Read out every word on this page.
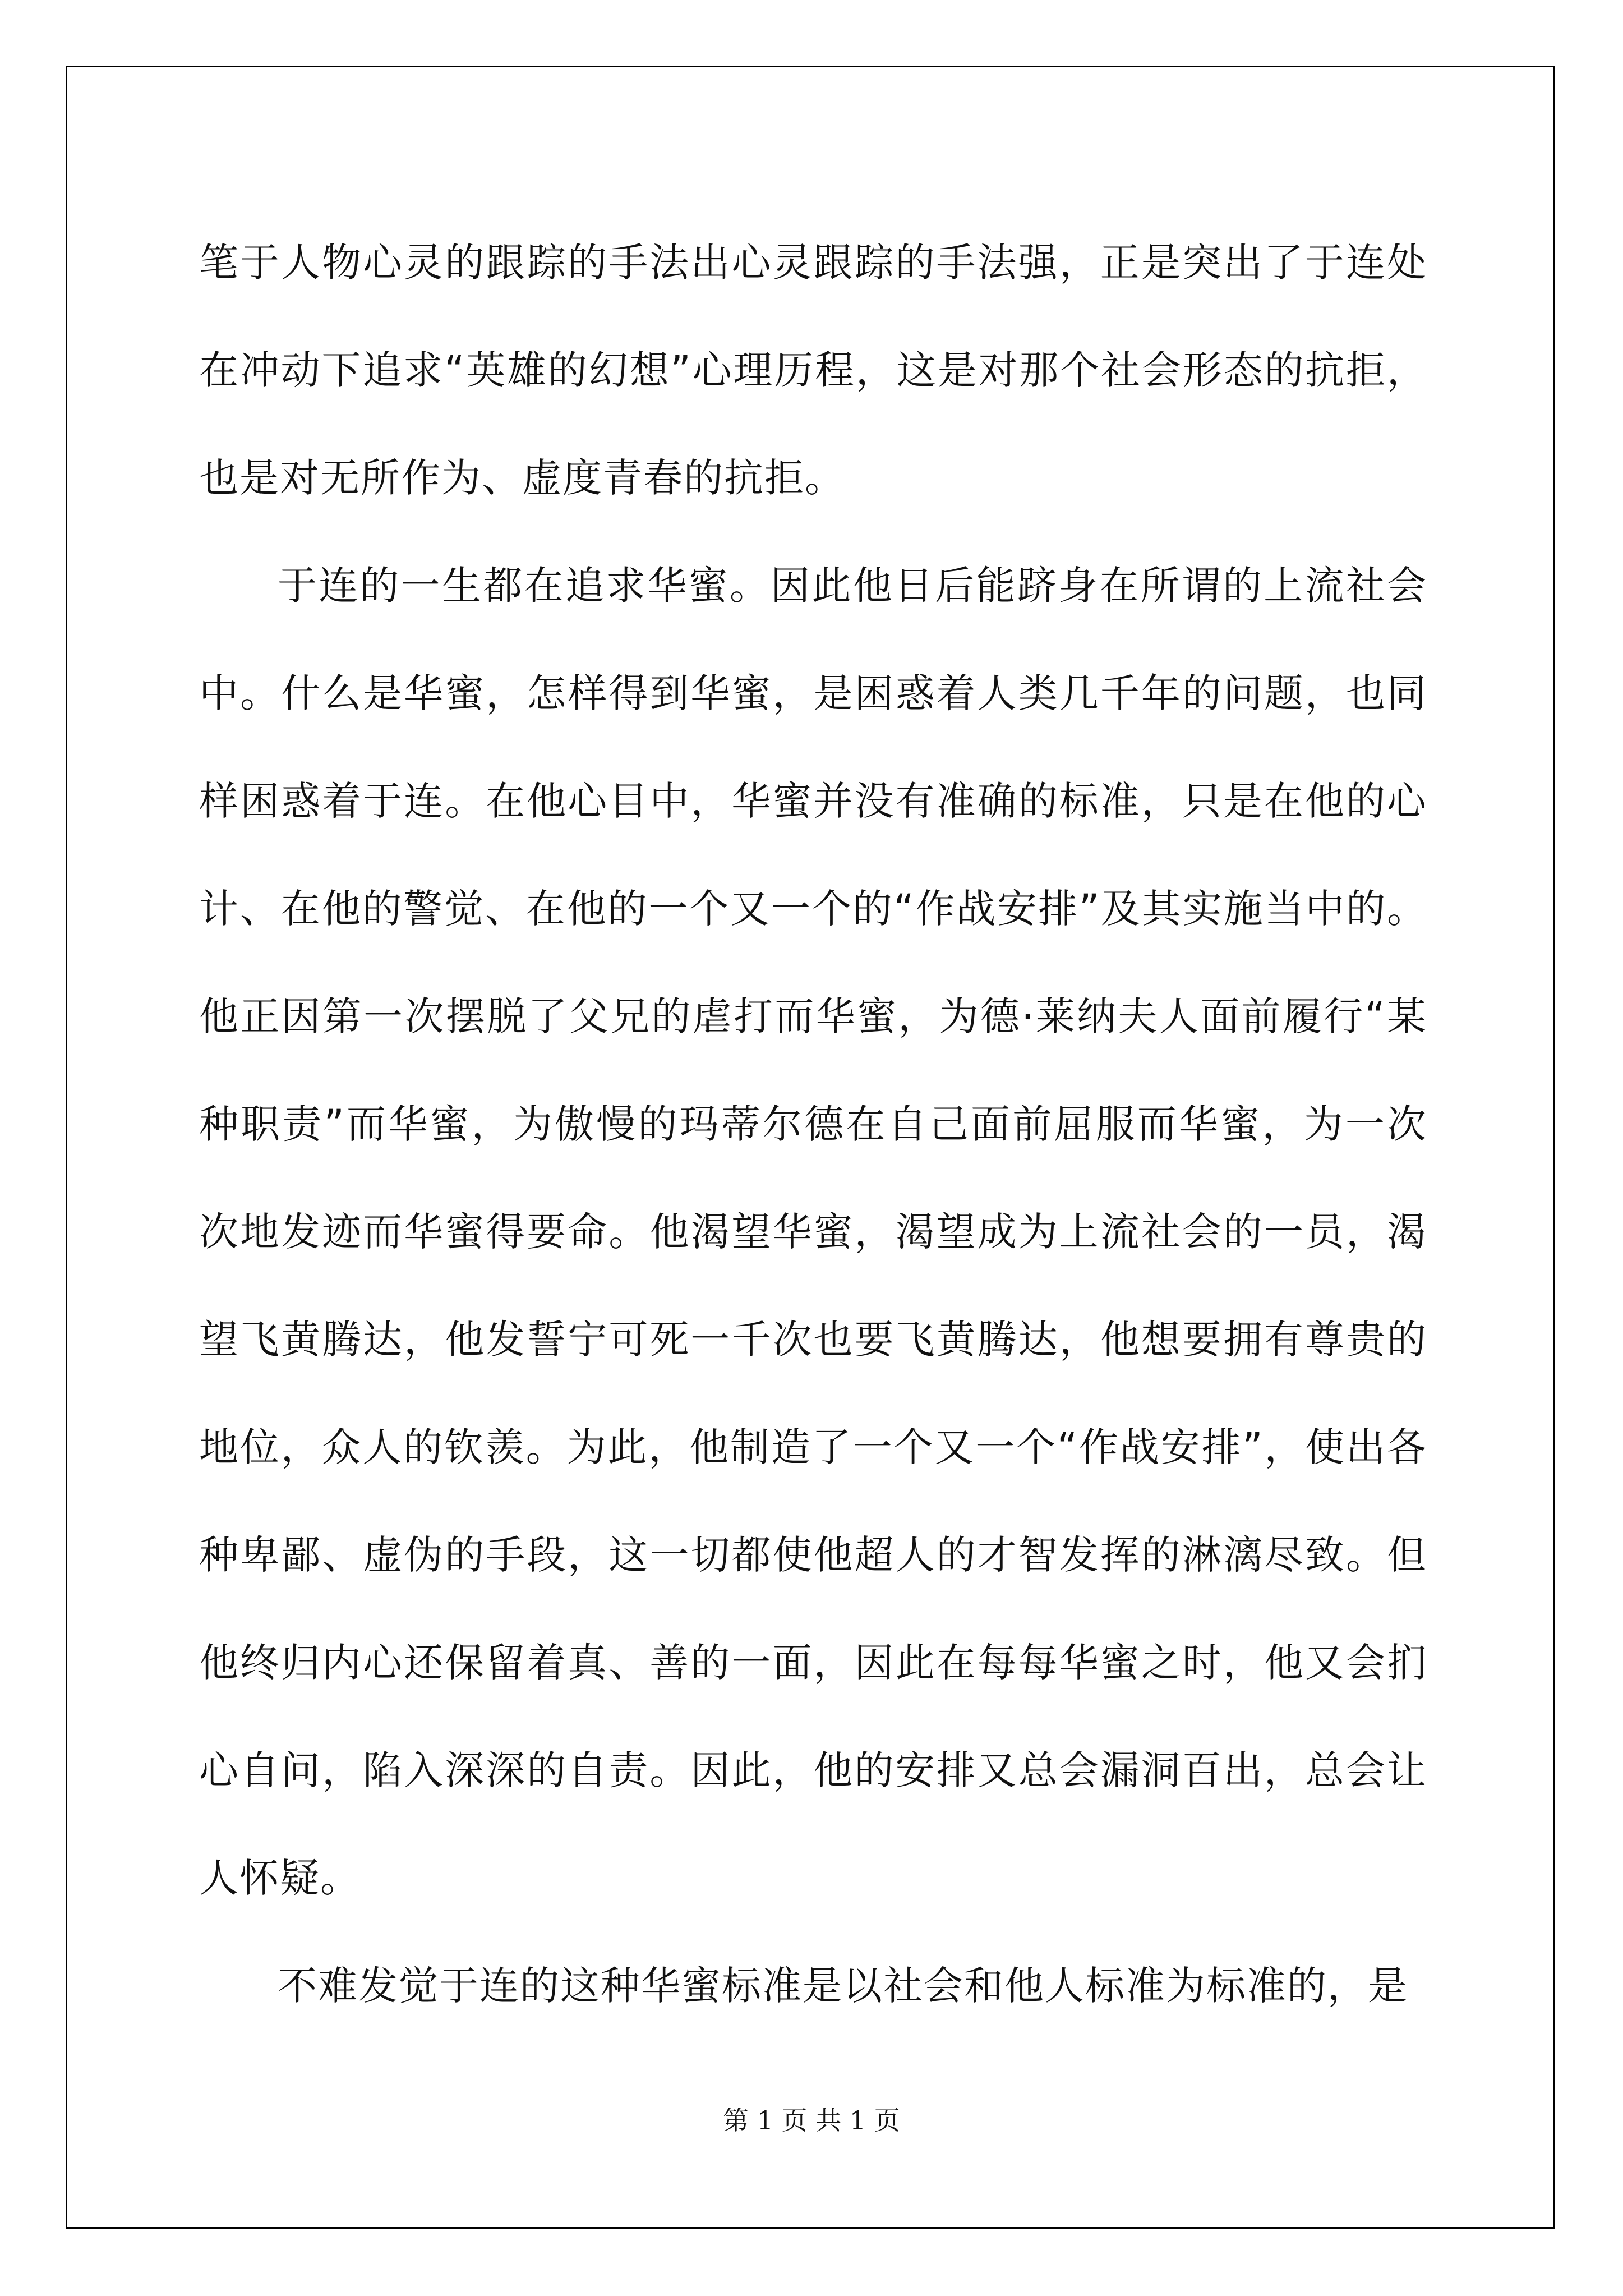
笔于人物心灵的跟踪的手法出心灵跟踪的手法强，正是突出了于连处在冲动下追求“英雄的幻想”心理历程，这是对那个社会形态的抗拒，也是对无所作为、虚度青春的抗拒。

于连的一生都在追求华蜜。因此他日后能跻身在所谓的上流社会中。什么是华蜜，怎样得到华蜜，是困惑着人类几千年的问题，也同样困惑着于连。在他心目中，华蜜并没有准确的标准，只是在他的心计、在他的警觉、在他的一个又一个的“作战安排”及其实施当中的。他正因第一次摆脱了父兄的虐打而华蜜，为德·莱纳夫人面前履行“某种职责”而华蜜，为傲慢的玛蒂尔德在自己面前屈服而华蜜，为一次次地发迹而华蜜得要命。他渴望华蜜，渴望成为上流社会的一员，渴望飞黄腾达，他发誓宁可死一千次也要飞黄腾达，他想要拥有尊贵的地位，众人的钦羡。为此，他制造了一个又一个“作战安排”，使出各种卑鄙、虚伪的手段，这一切都使他超人的才智发挥的淋漓尽致。但他终归内心还保留着真、善的一面，因此在每每华蜜之时，他又会扪心自问，陷入深深的自责。因此，他的安排又总会漏洞百出，总会让人怀疑。

不难发觉于连的这种华蜜标准是以社会和他人标准为标准的，是

第 1 页 共 1 页
